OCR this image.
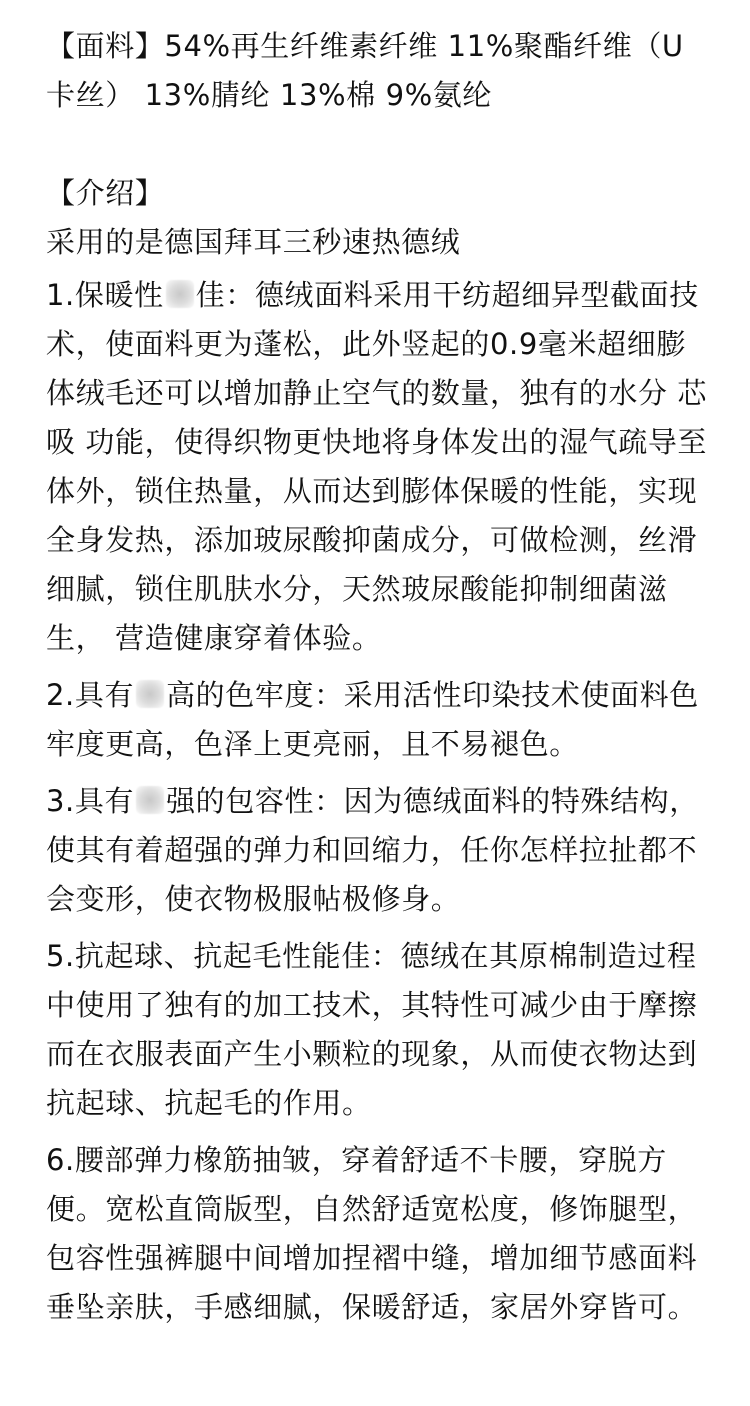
【面料】54%再生纤维素纤维 11%聚酯纤维（U卡丝） 13%腈纶 13%棉 9%氨纶

【介绍】

采用的是德国拜耳三秒速热德绒

1.保暖性 佳：德绒面料采用干纺超细异型截面技术，使面料更为蓬松，此外竖起的0.9毫米超细膨体绒毛还可以增加静止空气的数量，独有的水分 芯吸 功能，使得织物更快地将身体发出的湿气疏导至体外，锁住热量，从而达到膨体保暖的性能，实现全身发热，添加玻尿酸抑菌成分，可做检测，丝滑细腻，锁住肌肤水分，天然玻尿酸能抑制细菌滋生， 营造健康穿着体验。

2.具有 高的色牢度：采用活性印染技术使面料色牢度更高，色泽上更亮丽，且不易褪色。

3.具有 强的包容性：因为德绒面料的特殊结构，使其有着超强的弹力和回缩力，任你怎样拉扯都不会变形，使衣物极服帖极修身。

5.抗起球、抗起毛性能佳：德绒在其原棉制造过程中使用了独有的加工技术，其特性可减少由于摩擦而在衣服表面产生小颗粒的现象，从而使衣物达到抗起球、抗起毛的作用。

6.腰部弹力橡筋抽皱，穿着舒适不卡腰，穿脱方便。宽松直筒版型，自然舒适宽松度，修饰腿型，包容性强裤腿中间增加捏褶中缝，增加细节感面料垂坠亲肤，手感细腻，保暖舒适，家居外穿皆可。
